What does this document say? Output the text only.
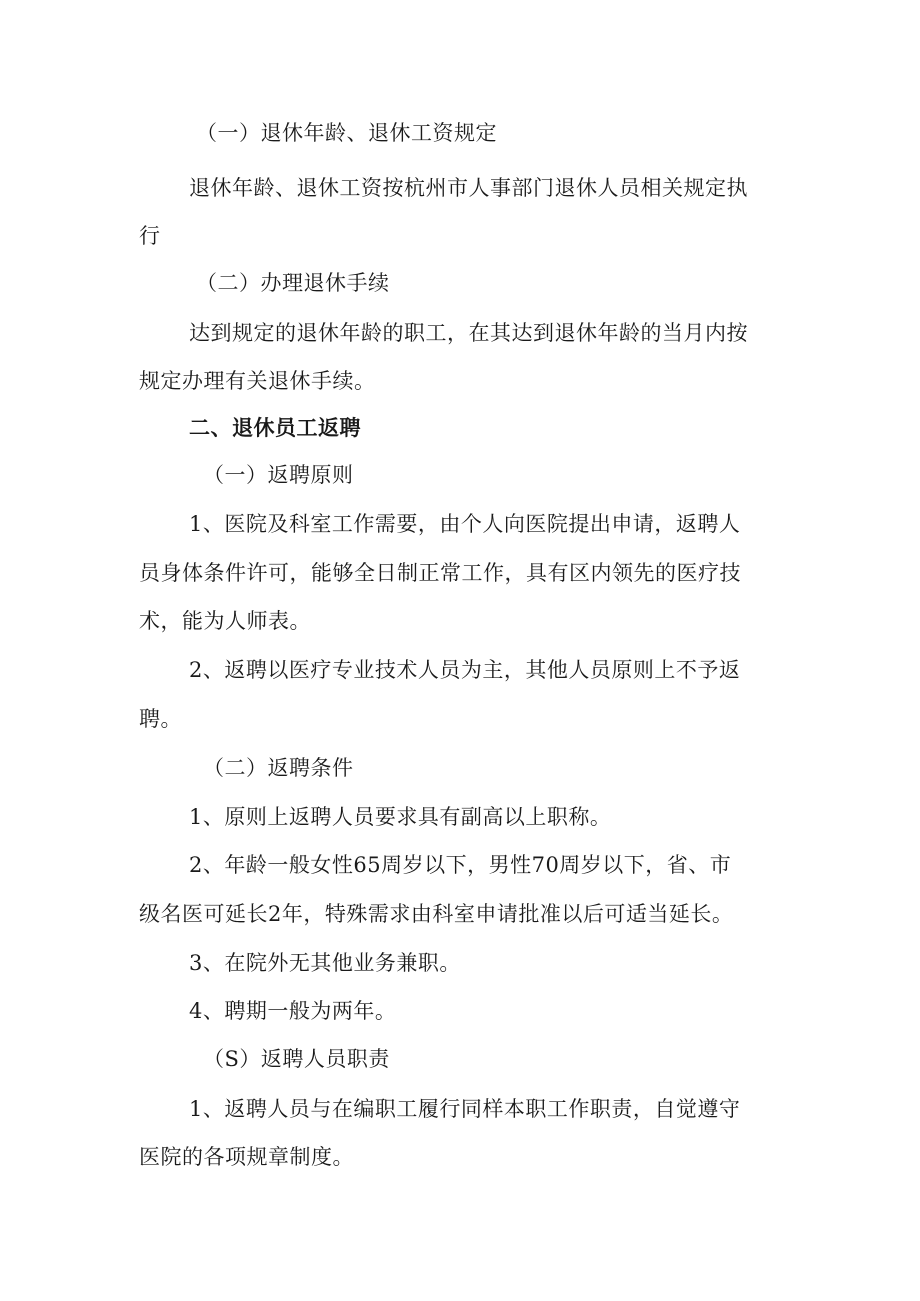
（一）退休年龄、退休工资规定
退休年龄、退休工资按杭州市人事部门退休人员相关规定执
行
（二）办理退休手续
达到规定的退休年龄的职工，在其达到退休年龄的当月内按
规定办理有关退休手续。
二、退休员工返聘
（一）返聘原则
1、医院及科室工作需要，由个人向医院提出申请，返聘人
员身体条件许可，能够全日制正常工作，具有区内领先的医疗技
术，能为人师表。
2、返聘以医疗专业技术人员为主，其他人员原则上不予返
聘。
（二）返聘条件
1、原则上返聘人员要求具有副高以上职称。
2、年龄一般女性65周岁以下，男性70周岁以下，省、市
级名医可延长2年，特殊需求由科室申请批准以后可适当延长。
3、在院外无其他业务兼职。
4、聘期一般为两年。
（S）返聘人员职责
1、返聘人员与在编职工履行同样本职工作职责，自觉遵守
医院的各项规章制度。
